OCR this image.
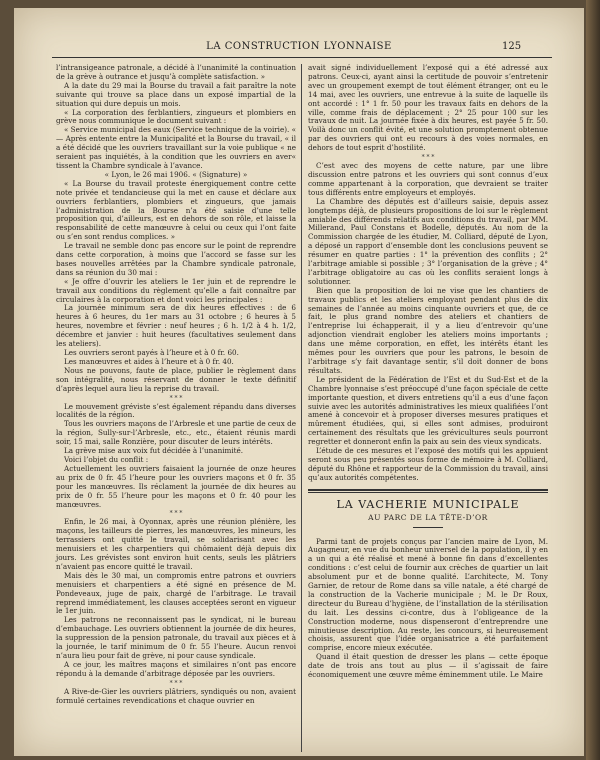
LA CONSTRUCTION LYONNAISE	125

l’intransigeance patronale, a décidé à l’unanimité la continuation de la grève à outrance et jusqu’à complète satisfaction. »

A la date du 29 mai la Bourse du travail a fait paraître la note suivante qui trouve sa place dans un exposé impartial de la situation qui dure depuis un mois.

« La corporation des ferblantiers, zingueurs et plombiers en grève nous communique le document suivant :

« Service municipal des eaux (Service technique de la voirie). « — Après entente entre la Municipalité et la Bourse du travail, « il a été décidé que les ouvriers travaillant sur la voie publique « ne seraient pas inquiétés, à la condition que les ouvriers en aver« tissent la Chambre syndicale à l’avance.

« Lyon, le 26 mai 1906. « (Signature) »

« La Bourse du travail proteste énergiquement contre cette note privée et tendancieuse qui la met en cause et déclare aux ouvriers ferblantiers, plombiers et zingueurs, que jamais l’administration de la Bourse n’a été saisie d’une telle proposition qui, d’ailleurs, est en dehors de son rôle, et laisse la responsabilité de cette manœuvre à celui ou ceux qui l’ont faite ou s’en sont rendus complices. »

Le travail ne semble donc pas encore sur le point de reprendre dans cette corporation, à moins que l’accord se fasse sur les bases nouvelles arrêtées par la Chambre syndicale patronale, dans sa réunion du 30 mai :

« Je offre d’ouvrir les ateliers le 1er juin et de reprendre le travail aux conditions du règlement qu’elle a fait connaître par circulaires à la corporation et dont voici les principales :

La journée minimum sera de dix heures effectives : de 6 heures à 6 heures, du 1er mars au 31 octobre ; 6 heures à 5 heures, novembre et février : neuf heures ; 6 h. 1/2 à 4 h. 1/2, décembre et janvier : huit heures (facultatives seulement dans les ateliers).

Les ouvriers seront payés à l’heure et à 0 fr. 60.

Les manœuvres et aides à l’heure et à 0 fr. 40.

Nous ne pouvons, faute de place, publier le règlement dans son intégralité, nous réservant de donner le texte définitif d’après lequel aura lieu la reprise du travail.

* * *

Le mouvement gréviste s’est également répandu dans diverses localités de la région.

Tous les ouvriers maçons de l’Arbresle et une partie de ceux de la région, Sully-sur-l’Arbresle, etc., etc., étaient réunis mardi soir, 15 mai, salle Ronzière, pour discuter de leurs intérêts.

La grève mise aux voix fut décidée à l’unanimité.

Voici l’objet du conflit :

Actuellement les ouvriers faisaient la journée de onze heures au prix de 0 fr. 45 l’heure pour les ouvriers maçons et 0 fr. 35 pour les manœuvres. Ils réclament la journée de dix heures au prix de 0 fr. 55 l’heure pour les maçons et 0 fr. 40 pour les manœuvres.

* * *

Enfin, le 26 mai, à Oyonnax, après une réunion plénière, les maçons, les tailleurs de pierres, les manœuvres, les mineurs, les terrassiers ont quitté le travail, se solidarisant avec les menuisiers et les charpentiers qui chômaient déjà depuis dix jours. Les grévistes sont environ huit cents, seuls les plâtriers n’avaient pas encore quitté le travail.

Mais dès le 30 mai, un compromis entre patrons et ouvriers menuisiers et charpentiers a été signé en présence de M. Pondeveaux, juge de paix, chargé de l’arbitrage. Le travail reprend immédiatement, les clauses acceptées seront en vigueur le 1er juin.

Les patrons ne reconnaissent pas le syndicat, ni le bureau d’embauchage. Les ouvriers obtiennent la journée de dix heures, la suppression de la pension patronale, du travail aux pièces et à la journée, le tarif minimum de 0 fr. 55 l’heure. Aucun renvoi n’aura lieu pour fait de grève, ni pour cause syndicale.

A ce jour, les maîtres maçons et similaires n’ont pas encore répondu à la demande d’arbitrage déposée par les ouvriers.

* * *

A Rive-de-Gier les ouvriers plâtriers, syndiqués ou non, avaient formulé certaines revendications et chaque ouvrier en

avait signé individuellement l’exposé qui a été adressé aux patrons. Ceux-ci, ayant ainsi la certitude de pouvoir s’entretenir avec un groupement exempt de tout élément étranger, ont eu le 14 mai, avec les ouvriers, une entrevue à la suite de laquelle ils ont accordé : 1° 1 fr. 50 pour les travaux faits en dehors de la ville, comme frais de déplacement ; 2° 25 pour 100 sur les travaux de nuit. La journée fixée à dix heures, est payée 5 fr. 50. Voilà donc un conflit évité, et une solution promptement obtenue par des ouvriers qui ont eu recours à des voies normales, en dehors de tout esprit d’hostilité.

* * *

C’est avec des moyens de cette nature, par une libre discussion entre patrons et les ouvriers qui sont connus d’eux comme appartenant à la corporation, que devraient se traiter tous différents entre employeurs et employés.

La Chambre des députés est d’ailleurs saisie, depuis assez longtemps déjà, de plusieurs propositions de loi sur le règlement amiable des différends relatifs aux conditions du travail, par MM. Millerand, Paul Constans et Bodelle, députés. Au nom de la Commission chargée de les étudier, M. Colliard, député de Lyon, a déposé un rapport d’ensemble dont les conclusions peuvent se résumer en quatre parties : 1° la prévention des conflits ; 2° l’arbitrage amiable si possible ; 3° l’organisation de la grève ; 4° l’arbitrage obligatoire au cas où les conflits seraient longs à solutionner.

Bien que la proposition de loi ne vise que les chantiers de travaux publics et les ateliers employant pendant plus de dix semaines de l’année au moins cinquante ouvriers et que, de ce fait, le plus grand nombre des ateliers et chantiers de l’entreprise lui échapperait, il y a lieu d’entrevoir qu’une adjonction viendrait englober les ateliers moins importants ; dans une même corporation, en effet, les intérêts étant les mêmes pour les ouvriers que pour les patrons, le besoin de l’arbitrage s’y fait davantage sentir, s’il doit donner de bons résultats.

Le président de la Fédération de l’Est et du Sud-Est et de la Chambre lyonnaise s’est préoccupé d’une façon spéciale de cette importante question, et divers entretiens qu’il a eus d’une façon suivie avec les autorités administratives les mieux qualifiées l’ont amené à concevoir et à proposer diverses mesures pratiques et mûrement étudiées, qui, si elles sont admises, produiront certainement des résultats que les grévicultures seuls pourront regretter et donneront enfin la paix au sein des vieux syndicats.

L’étude de ces mesures et l’exposé des motifs qui les appuient seront sous peu présentés sous forme de mémoire à M. Colliard, député du Rhône et rapporteur de la Commission du travail, ainsi qu’aux autorités compétentes.

LA VACHERIE MUNICIPALE
AU PARC DE LA TÊTE-D’OR

Parmi tant de projets conçus par l’ancien maire de Lyon, M. Augagneur, en vue du bonheur universel de la population, il y en a un qui a été réalisé et mené à bonne fin dans d’excellentes conditions : c’est celui de fournir aux crèches de quartier un lait absolument pur et de bonne qualité. L’architecte, M. Tony Garnier, de retour de Rome dans sa ville natale, a été chargé de la construction de la Vacherie municipale ; M. le Dr Roux, directeur du Bureau d’hygiène, de l’installation de la stérilisation du lait. Les dessins ci-contre, dus à l’obligeance de la Construction moderne, nous dispenseront d’entreprendre une minutieuse description. Au reste, les concours, si heureusement choisis, assurent que l’idée organisatrice a été parfaitement comprise, encore mieux exécutée.

Quand il était question de dresser les plans — cette époque date de trois ans tout au plus — il s’agissait de faire économiquement une œuvre même éminemment utile. Le Maire
